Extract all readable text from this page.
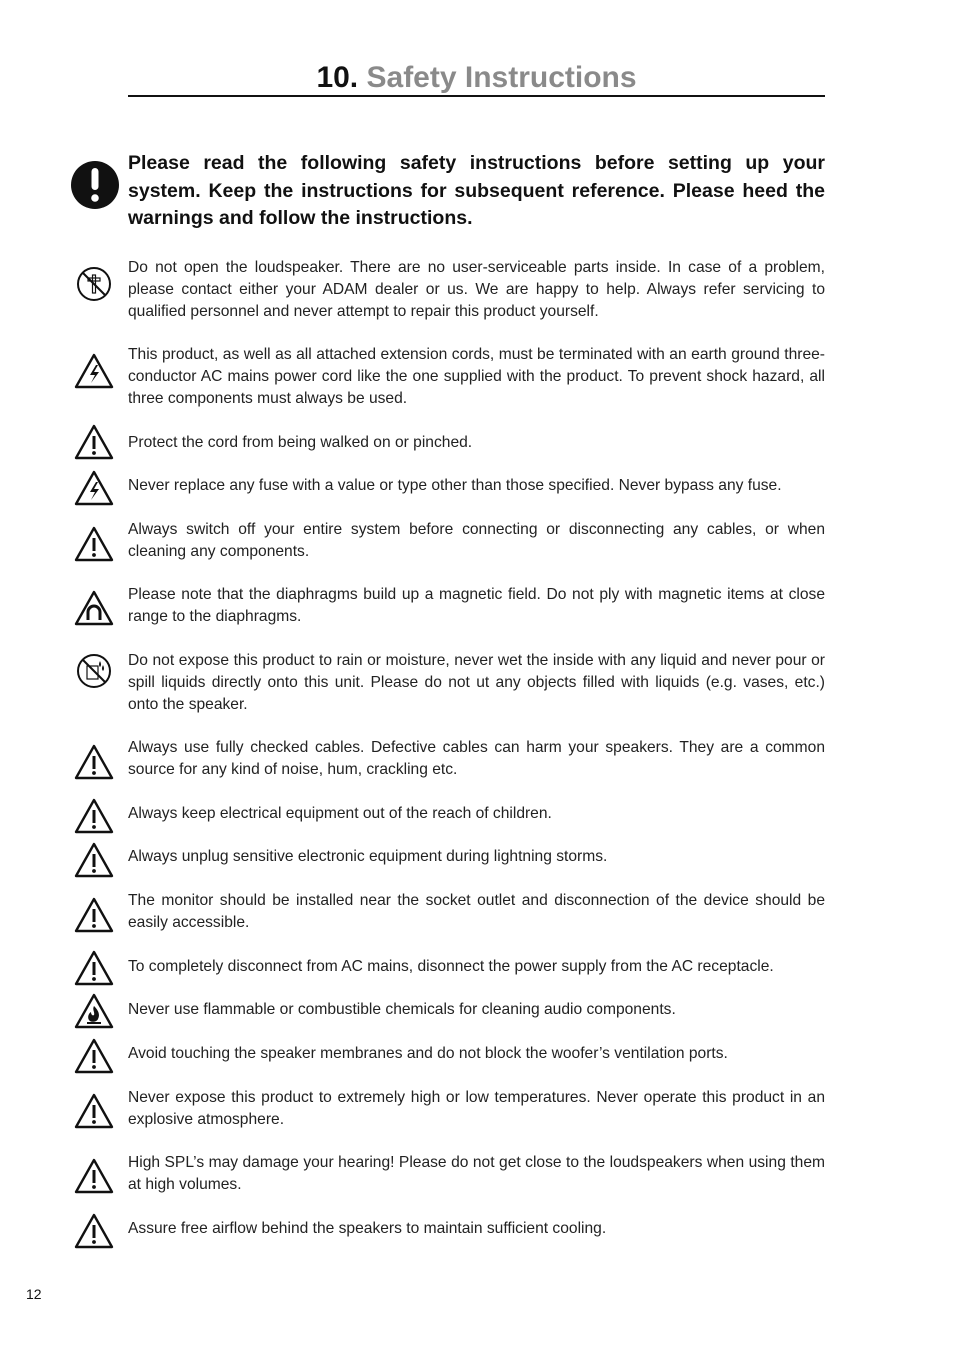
10. Safety Instructions
Please read the following safety instructions before setting up your system. Keep the instructions for subsequent reference. Please heed the warnings and follow the instructions.
Do not open the loudspeaker. There are no user-serviceable parts inside. In case of a problem, please contact either your ADAM dealer or us. We are happy to help. Always refer servicing to qualified personnel and never attempt to repair this product yourself.
This product, as well as all attached extension cords, must be terminated with an earth ground three-conductor AC mains power cord like the one supplied with the product. To prevent shock hazard, all three components must always be used.
Protect the cord from being walked on or pinched.
Never replace any fuse with a value or type other than those specified. Never bypass any fuse.
Always switch off your entire system before connecting or disconnecting any cables, or when cleaning any components.
Please note that the diaphragms build up a magnetic field. Do not ply with magnetic items at close range to the diaphragms.
Do not expose this product to rain or moisture, never wet the inside with any liquid and never pour or spill liquids directly onto this unit. Please do not ut any objects filled with liquids (e.g. vases, etc.) onto the speaker.
Always use fully checked cables. Defective cables can harm your speakers. They are a common source for any kind of noise, hum, crackling etc.
Always keep electrical equipment out of the reach of children.
Always unplug sensitive electronic equipment during lightning storms.
The monitor should be installed near the socket outlet and disconnection of the device should be easily accessible.
To completely disconnect from AC mains, disonnect the power supply from the AC receptacle.
Never use flammable or combustible chemicals for cleaning audio components.
Avoid touching the speaker membranes and do not block the woofer’s ventilation ports.
Never expose this product to extremely high or low temperatures. Never operate this product in an explosive atmosphere.
High SPL’s may damage your hearing! Please do not get close to the loudspeakers when using them at high volumes.
Assure free airflow behind the speakers to maintain sufficient cooling.
12
